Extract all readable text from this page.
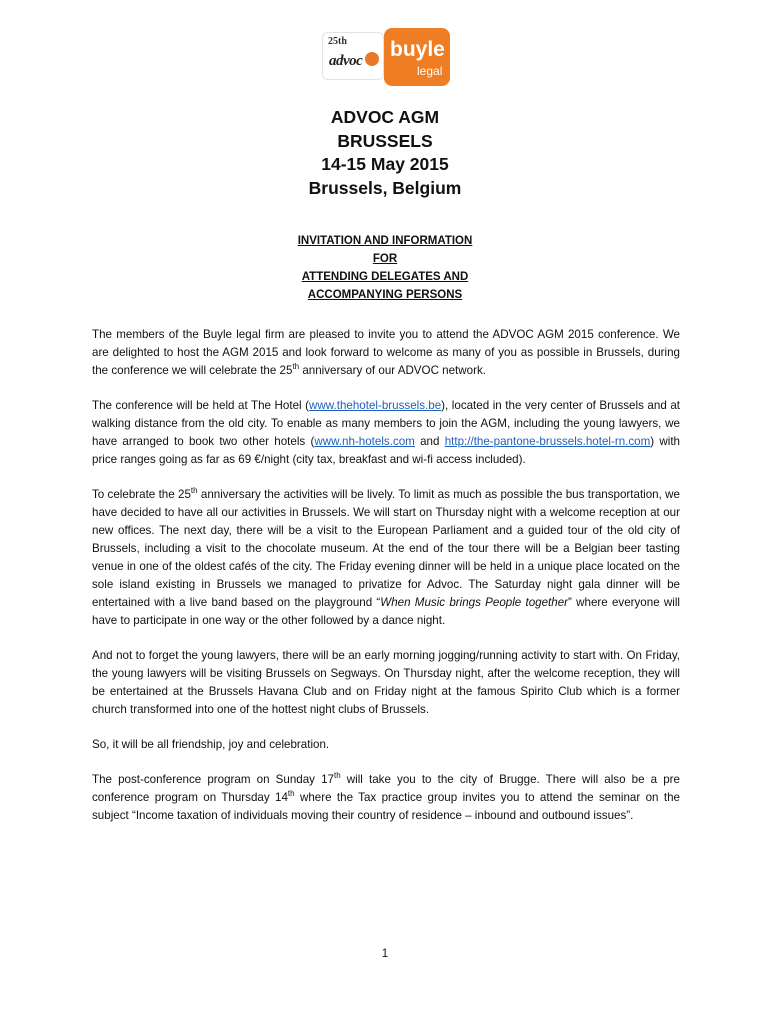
25th
advoc buyle
legal
ADVOC AGM
BRUSSELS
14-15 May 2015
Brussels, Belgium
INVITATION AND INFORMATION
FOR
ATTENDING DELEGATES AND
ACCOMPANYING PERSONS

The members of the Buyle legal firm are pleased to invite you to attend the ADVOC AGM 2015 conference. We are delighted to host the AGM 2015 and look forward to welcome as many of you as possible in Brussels, during the conference we will celebrate the 25th anniversary of our ADVOC network.

The conference will be held at The Hotel (www.thehotel-brussels.be), located in the very center of Brussels and at walking distance from the old city. To enable as many members to join the AGM, including the young lawyers, we have arranged to book two other hotels (www.nh-hotels.com and http://the-pantone-brussels.hotel-rn.com) with price ranges going as far as 69 €/night (city tax, breakfast and wi-fi access included).

To celebrate the 25th anniversary the activities will be lively. To limit as much as possible the bus transportation, we have decided to have all our activities in Brussels. We will start on Thursday night with a welcome reception at our new offices. The next day, there will be a visit to the European Parliament and a guided tour of the old city of Brussels, including a visit to the chocolate museum. At the end of the tour there will be a Belgian beer tasting venue in one of the oldest cafés of the city. The Friday evening dinner will be held in a unique place located on the sole island existing in Brussels we managed to privatize for Advoc. The Saturday night gala dinner will be entertained with a live band based on the playground “When Music brings People together” where everyone will have to participate in one way or the other followed by a dance night.

And not to forget the young lawyers, there will be an early morning jogging/running activity to start with. On Friday, the young lawyers will be visiting Brussels on Segways. On Thursday night, after the welcome reception, they will be entertained at the Brussels Havana Club and on Friday night at the famous Spirito Club which is a former church transformed into one of the hottest night clubs of Brussels.

So, it will be all friendship, joy and celebration.

The post-conference program on Sunday 17th will take you to the city of Brugge. There will also be a pre conference program on Thursday 14th where the Tax practice group invites you to attend the seminar on the subject “Income taxation of individuals moving their country of residence – inbound and outbound issues”.

1
